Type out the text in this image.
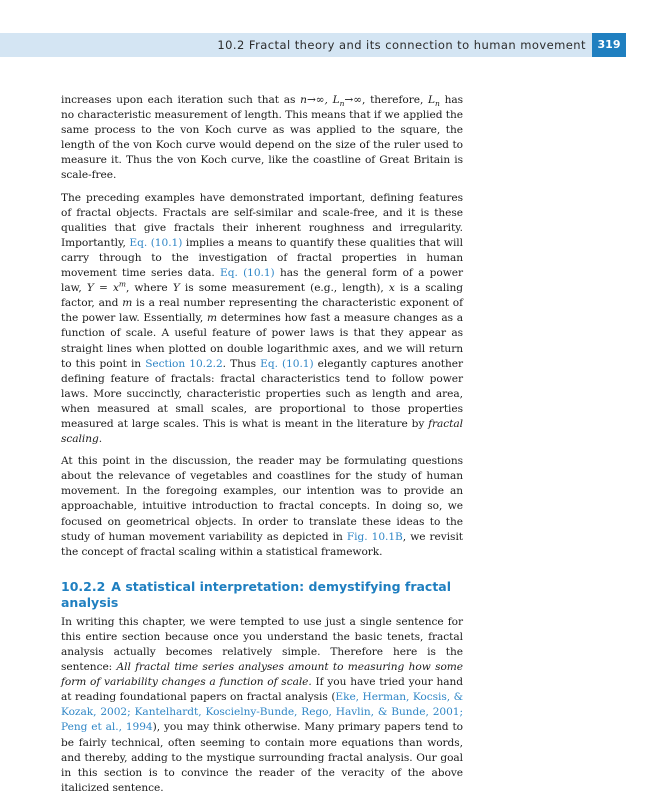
10.2 Fractal theory and its connection to human movement	319

increases upon each iteration such that as n→∞, $L_n\to\infty$, therefore, $L_n$ has no characteristic measurement of length. This means that if we applied the same process to the von Koch curve as was applied to the square, the length of the von Koch curve would depend on the size of the ruler used to measure it. Thus the von Koch curve, like the coastline of Great Britain is scale-free.

The preceding examples have demonstrated important, defining features of fractal objects. Fractals are self-similar and scale-free, and it is these qualities that give fractals their inherent roughness and irregularity. Importantly, Eq. (10.1) implies a means to quantify these qualities that will carry through to the investigation of fractal properties in human movement time series data. Eq. (10.1) has the general form of a power law, $Y = x^m$, where Y is some measurement (e.g., length), x is a scaling factor, and m is a real number representing the characteristic exponent of the power law. Essentially, m determines how fast a measure changes as a function of scale. A useful feature of power laws is that they appear as straight lines when plotted on double logarithmic axes, and we will return to this point in Section 10.2.2. Thus Eq. (10.1) elegantly captures another defining feature of fractals: fractal characteristics tend to follow power laws. More succinctly, characteristic properties such as length and area, when measured at small scales, are proportional to those properties measured at large scales. This is what is meant in the literature by fractal scaling.

At this point in the discussion, the reader may be formulating questions about the relevance of vegetables and coastlines for the study of human movement. In the foregoing examples, our intention was to provide an approachable, intuitive introduction to fractal concepts. In doing so, we focused on geometrical objects. In order to translate these ideas to the study of human movement variability as depicted in Fig. 10.1B, we revisit the concept of fractal scaling within a statistical framework.

10.2.2 A statistical interpretation: demystifying fractal analysis

In writing this chapter, we were tempted to use just a single sentence for this entire section because once you understand the basic tenets, fractal analysis actually becomes relatively simple. Therefore here is the sentence: All fractal time series analyses amount to measuring how some form of variability changes a function of scale. If you have tried your hand at reading foundational papers on fractal analysis (Eke, Herman, Kocsis, & Kozak, 2002; Kantelhardt, Koscielny-Bunde, Rego, Havlin, & Bunde, 2001; Peng et al., 1994), you may think otherwise. Many primary papers tend to be fairly technical, often seeming to contain more equations than words, and thereby, adding to the mystique surrounding fractal analysis. Our goal in this section is to convince the reader of the veracity of the above italicized sentence.
